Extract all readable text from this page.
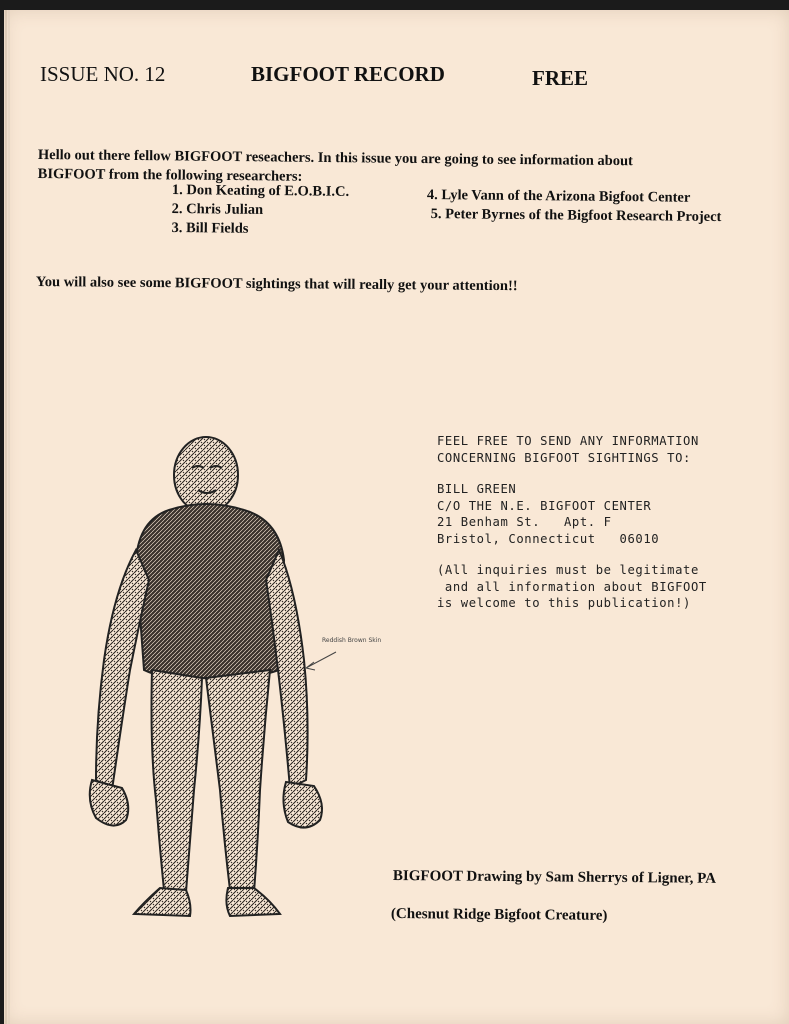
ISSUE NO. 12	BIGFOOT RECORD	FREE
Hello out there fellow BIGFOOT reseachers. In this issue you are going to see information about
BIGFOOT from the following researchers:
1. Don Keating of E.O.B.I.C.
2. Chris Julian
3. Bill Fields
4. Lyle Vann of the Arizona Bigfoot Center
5. Peter Byrnes of the Bigfoot Research Project
You will also see some BIGFOOT sightings that will really get your attention!!
FEEL FREE TO SEND ANY INFORMATION
CONCERNING BIGFOOT SIGHTINGS TO:
BILL GREEN
C/O THE N.E. BIGFOOT CENTER
21 Benham St.   Apt. F
Bristol, Connecticut   06010
(All inquiries must be legitimate
and all information about BIGFOOT
is welcome to this publication!)
Reddish Brown Skin
BIGFOOT Drawing by Sam Sherrys of Ligner, PA
(Chesnut Ridge Bigfoot Creature)
